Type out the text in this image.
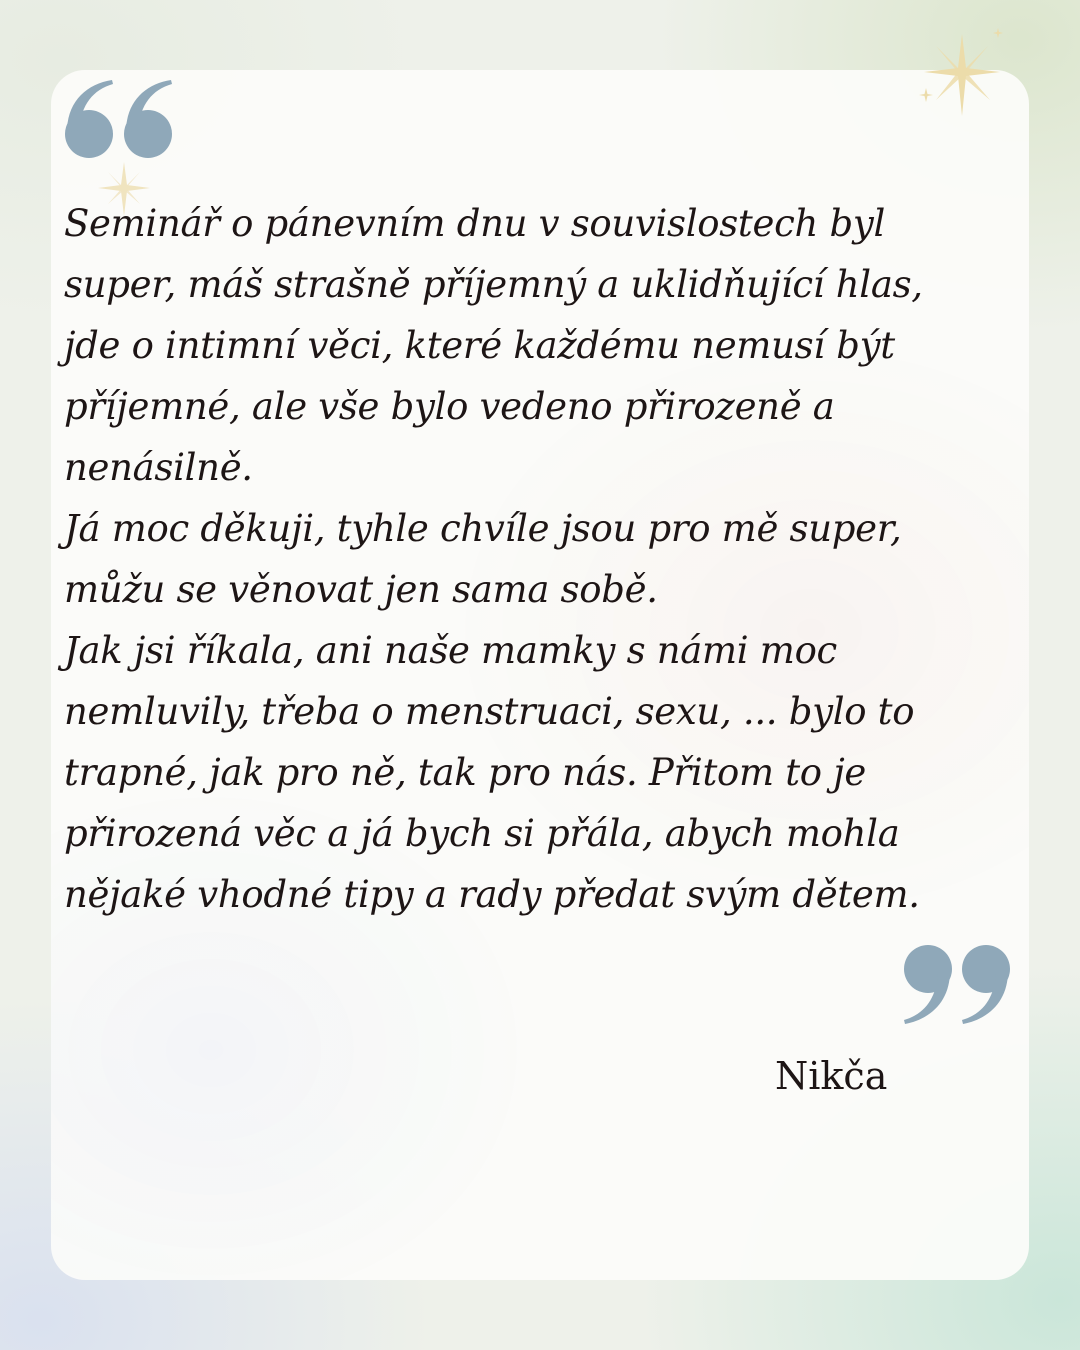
Seminář o pánevním dnu v souvislostech byl
super, máš strašně příjemný a uklidňující hlas,
jde o intimní věci, které každému nemusí být
příjemné, ale vše bylo vedeno přirozeně a
nenásilně.
Já moc děkuji, tyhle chvíle jsou pro mě super,
můžu se věnovat jen sama sobě.
Jak jsi říkala, ani naše mamky s námi moc
nemluvily, třeba o menstruaci, sexu, ... bylo to
trapné, jak pro ně, tak pro nás. Přitom to je
přirozená věc a já bych si přála, abych mohla
nějaké vhodné tipy a rady předat svým dětem.

Nikča
